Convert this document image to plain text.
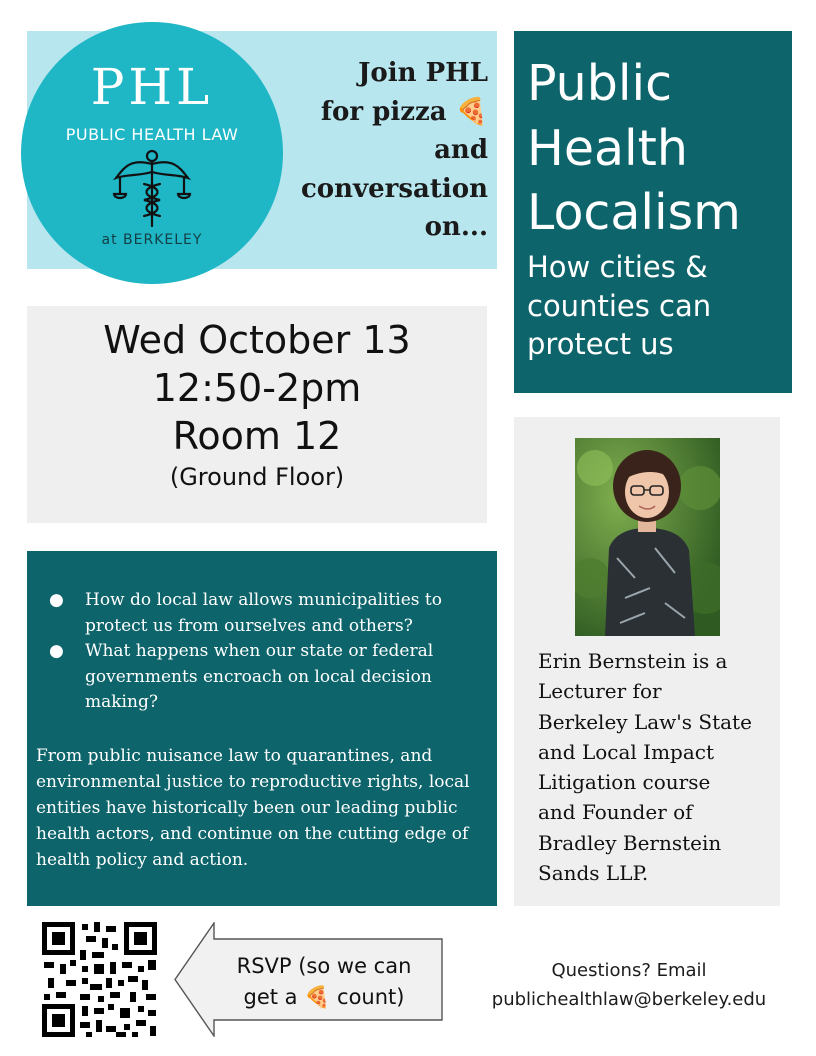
PHL
PUBLIC HEALTH LAW
at BERKELEY
Join PHL
for pizza 🍕
and
conversation
on...
Public
Health
Localism
How cities &
counties can
protect us
Wed October 13
12:50-2pm
Room 12
(Ground Floor)
● How do local law allows municipalities to protect us from ourselves and others?
● What happens when our state or federal governments encroach on local decision making?
From public nuisance law to quarantines, and environmental justice to reproductive rights, local entities have historically been our leading public health actors, and continue on the cutting edge of health policy and action.
Erin Bernstein is a
Lecturer for
Berkeley Law's State
and Local Impact
Litigation course
and Founder of
Bradley Bernstein
Sands LLP.
RSVP (so we can
get a 🍕 count)
Questions? Email
publichealthlaw@berkeley.edu
